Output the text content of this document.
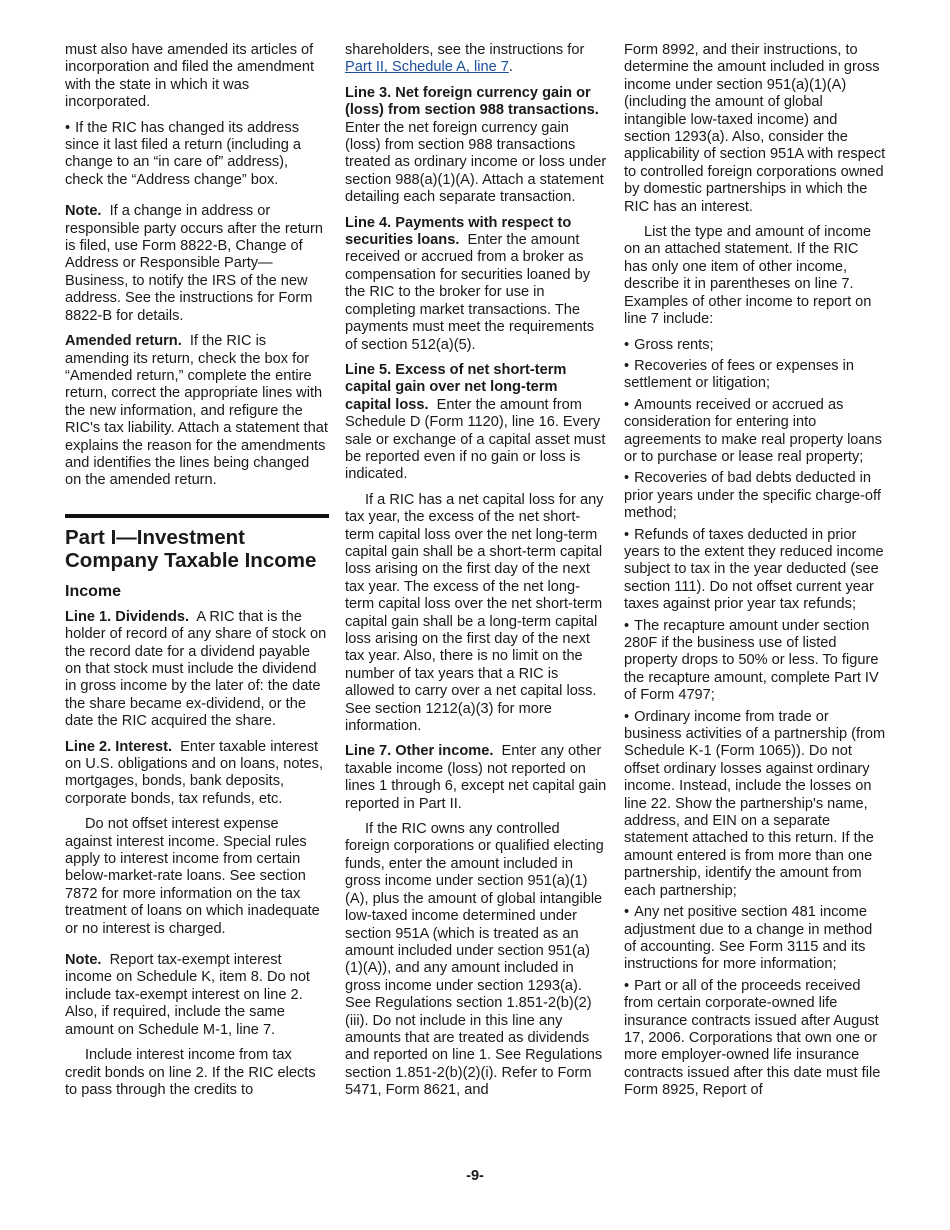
must also have amended its articles of incorporation and filed the amendment with the state in which it was incorporated.

• If the RIC has changed its address since it last filed a return (including a change to an “in care of” address), check the “Address change” box.

Note. If a change in address or responsible party occurs after the return is filed, use Form 8822-B, Change of Address or Responsible Party—Business, to notify the IRS of the new address. See the instructions for Form 8822-B for details.

Amended return. If the RIC is amending its return, check the box for “Amended return,” complete the entire return, correct the appropriate lines with the new information, and refigure the RIC's tax liability. Attach a statement that explains the reason for the amendments and identifies the lines being changed on the amended return.

Part I—Investment Company Taxable Income
Income

Line 1. Dividends. A RIC that is the holder of record of any share of stock on the record date for a dividend payable on that stock must include the dividend in gross income by the later of: the date the share became ex-dividend, or the date the RIC acquired the share.

Line 2. Interest. Enter taxable interest on U.S. obligations and on loans, notes, mortgages, bonds, bank deposits, corporate bonds, tax refunds, etc.

Do not offset interest expense against interest income. Special rules apply to interest income from certain below-market-rate loans. See section 7872 for more information on the tax treatment of loans on which inadequate or no interest is charged.

Note. Report tax-exempt interest income on Schedule K, item 8. Do not include tax-exempt interest on line 2. Also, if required, include the same amount on Schedule M-1, line 7.

Include interest income from tax credit bonds on line 2. If the RIC elects to pass through the credits to

shareholders, see the instructions for Part II, Schedule A, line 7.

Line 3. Net foreign currency gain or (loss) from section 988 transactions.  Enter the net foreign currency gain (loss) from section 988 transactions treated as ordinary income or loss under section 988(a)(1)(A). Attach a statement detailing each separate transaction.

Line 4. Payments with respect to securities loans. Enter the amount received or accrued from a broker as compensation for securities loaned by the RIC to the broker for use in completing market transactions. The payments must meet the requirements of section 512(a)(5).

Line 5. Excess of net short-term capital gain over net long-term capital loss. Enter the amount from Schedule D (Form 1120), line 16. Every sale or exchange of a capital asset must be reported even if no gain or loss is indicated.

If a RIC has a net capital loss for any tax year, the excess of the net short-term capital loss over the net long-term capital gain shall be a short-term capital loss arising on the first day of the next tax year. The excess of the net long-term capital loss over the net short-term capital gain shall be a long-term capital loss arising on the first day of the next tax year. Also, there is no limit on the number of tax years that a RIC is allowed to carry over a net capital loss. See section 1212(a)(3) for more information.

Line 7. Other income. Enter any other taxable income (loss) not reported on lines 1 through 6, except net capital gain reported in Part II.

If the RIC owns any controlled foreign corporations or qualified electing funds, enter the amount included in gross income under section 951(a)(1)(A), plus the amount of global intangible low-taxed income determined under section 951A (which is treated as an amount included under section 951(a)(1)(A)), and any amount included in gross income under section 1293(a). See Regulations section 1.851-2(b)(2)(iii). Do not include in this line any amounts that are treated as dividends and reported on line 1. See Regulations section 1.851-2(b)(2)(i). Refer to Form 5471, Form 8621, and

Form 8992, and their instructions, to determine the amount included in gross income under section 951(a)(1)(A) (including the amount of global intangible low-taxed income) and section 1293(a). Also, consider the applicability of section 951A with respect to controlled foreign corporations owned by domestic partnerships in which the RIC has an interest.

List the type and amount of income on an attached statement. If the RIC has only one item of other income, describe it in parentheses on line 7. Examples of other income to report on line 7 include:

• Gross rents;

• Recoveries of fees or expenses in settlement or litigation;

• Amounts received or accrued as consideration for entering into agreements to make real property loans or to purchase or lease real property;

• Recoveries of bad debts deducted in prior years under the specific charge-off method;

• Refunds of taxes deducted in prior years to the extent they reduced income subject to tax in the year deducted (see section 111). Do not offset current year taxes against prior year tax refunds;

• The recapture amount under section 280F if the business use of listed property drops to 50% or less. To figure the recapture amount, complete Part IV of Form 4797;

• Ordinary income from trade or business activities of a partnership (from Schedule K-1 (Form 1065)). Do not offset ordinary losses against ordinary income. Instead, include the losses on line 22. Show the partnership's name, address, and EIN on a separate statement attached to this return. If the amount entered is from more than one partnership, identify the amount from each partnership;

• Any net positive section 481 income adjustment due to a change in method of accounting. See Form 3115 and its instructions for more information;

• Part or all of the proceeds received from certain corporate-owned life insurance contracts issued after August 17, 2006. Corporations that own one or more employer-owned life insurance contracts issued after this date must file Form 8925, Report of

-9-
